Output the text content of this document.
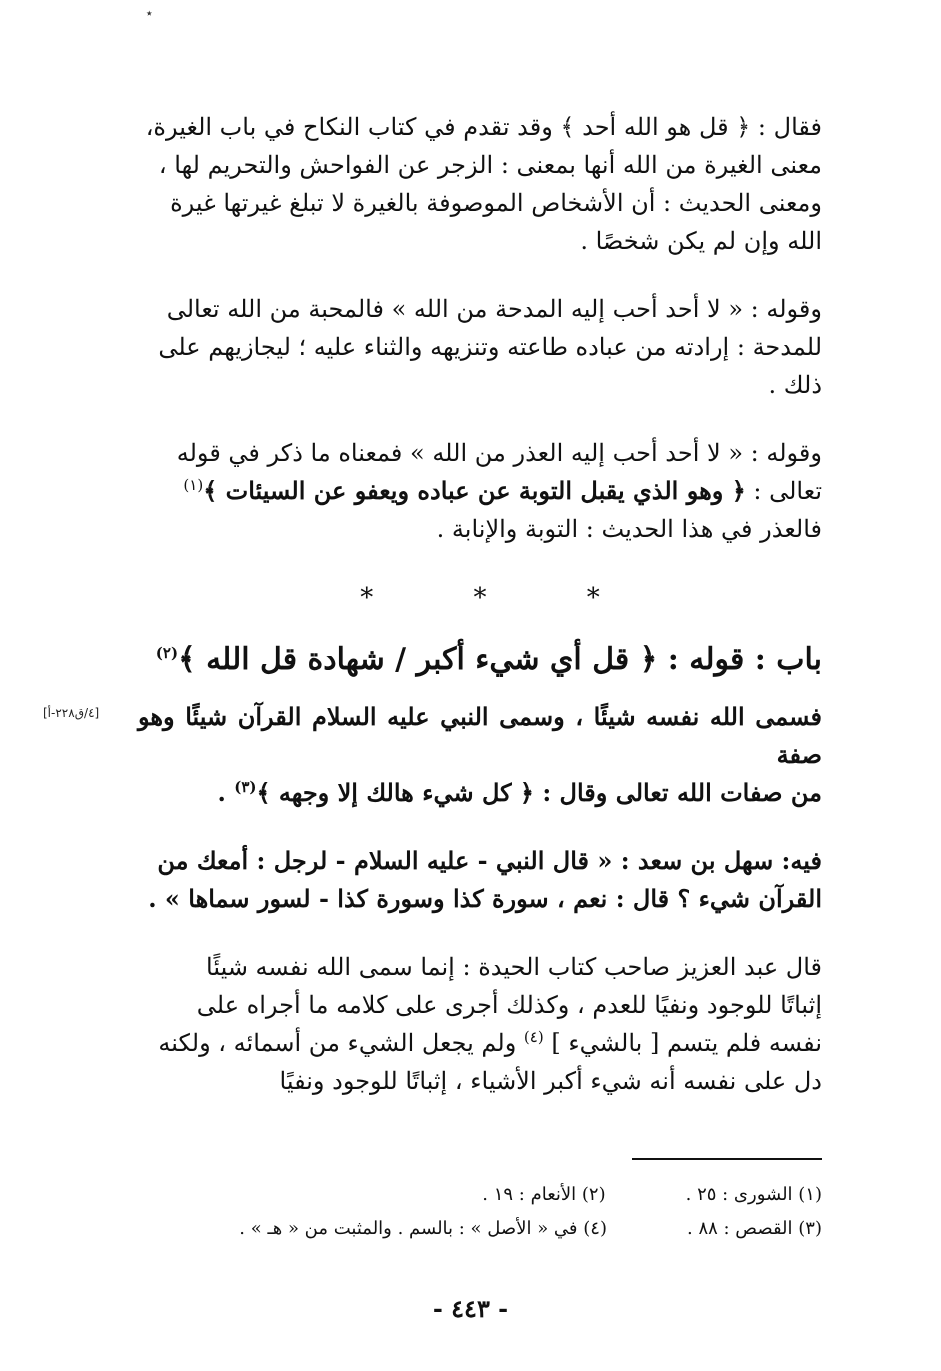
٭
[٤/ق٢٢٨-أ]

فقال : ﴿ قل هو الله أحد ﴾ وقد تقدم في كتاب النكاح في باب الغيرة،

معنى الغيرة من الله أنها بمعنى : الزجر عن الفواحش والتحريم لها ،

ومعنى الحديث : أن الأشخاص الموصوفة بالغيرة لا تبلغ غيرتها غيرة

الله وإن لم يكن شخصًا .

وقوله : « لا أحد أحب إليه المدحة من الله » فالمحبة من الله تعالى

للمدحة : إرادته من عباده طاعته وتنزيهه والثناء عليه ؛ ليجازيهم على

ذلك .

وقوله : « لا أحد أحب إليه العذر من الله » فمعناه ما ذكر في قوله

تعالى : ﴿ وهو الذي يقبل التوبة عن عباده ويعفو عن السيئات ﴾$^{(١)}$

فالعذر في هذا الحديث : التوبة والإنابة .

* * *
باب : قوله : ﴿ قل أي شيء أكبر / شهادة قل الله ﴾$^{(٢)}$

فسمى الله نفسه شيئًا ، وسمى النبي عليه السلام القرآن شيئًا وهو صفة

من صفات الله تعالى وقال : ﴿ كل شيء هالك إلا وجهه ﴾$^{(٣)}$ .

فيه: سهل بن سعد : « قال النبي - عليه السلام - لرجل : أمعك من

القرآن شيء ؟ قال : نعم ، سورة كذا وسورة كذا - لسور سماها » .

قال عبد العزيز صاحب كتاب الحيدة : إنما سمى الله نفسه شيئًا

إثباتًا للوجود ونفيًا للعدم ، وكذلك أجرى على كلامه ما أجراه على

نفسه فلم يتسم [ بالشيء ] $^{(٤)}$ ولم يجعل الشيء من أسمائه ، ولكنه

دل على نفسه أنه شيء أكبر الأشياء ، إثباتًا للوجود ونفيًا

(١) الشورى : ٢٥ .
(٢) الأنعام : ١٩ .
(٣) القصص : ٨٨ .
(٤) في « الأصل » : بالسم . والمثبت من « هـ » .
- ٤٤٣ -
